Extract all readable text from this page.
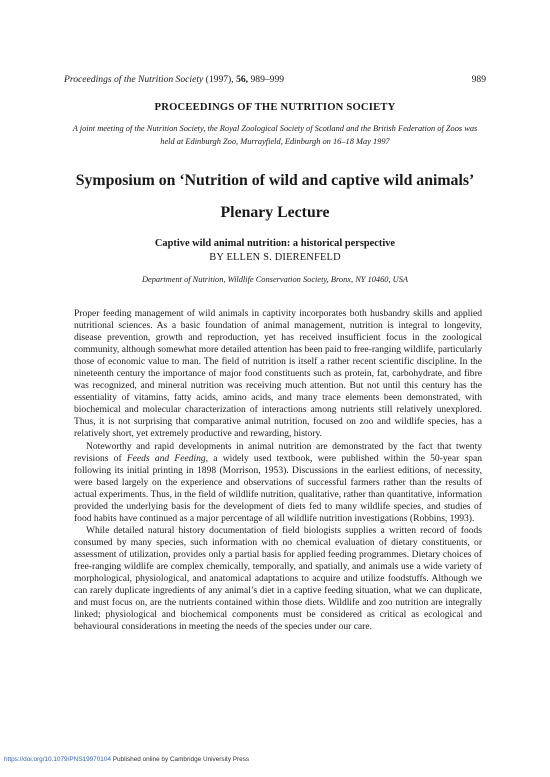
Proceedings of the Nutrition Society (1997), 56, 989–999	989
PROCEEDINGS OF THE NUTRITION SOCIETY
A joint meeting of the Nutrition Society, the Royal Zoological Society of Scotland and the British Federation of Zoos was held at Edinburgh Zoo, Murrayfield, Edinburgh on 16–18 May 1997
Symposium on ‘Nutrition of wild and captive wild animals’
Plenary Lecture
Captive wild animal nutrition: a historical perspective
BY ELLEN S. DIERENFELD
Department of Nutrition, Wildlife Conservation Society, Bronx, NY 10460, USA

Proper feeding management of wild animals in captivity incorporates both husbandry skills and applied nutritional sciences. As a basic foundation of animal management, nutrition is integral to longevity, disease prevention, growth and reproduction, yet has received insufficient focus in the zoological community, although somewhat more detailed attention has been paid to free-ranging wildlife, particularly those of economic value to man. The field of nutrition is itself a rather recent scientific discipline. In the nineteenth century the importance of major food constituents such as protein, fat, carbohydrate, and fibre was recognized, and mineral nutrition was receiving much attention. But not until this century has the essentiality of vitamins, fatty acids, amino acids, and many trace elements been demonstrated, with biochemical and molecular characterization of interactions among nutrients still relatively unexplored. Thus, it is not surprising that comparative animal nutrition, focused on zoo and wildlife species, has a relatively short, yet extremely productive and rewarding, history.

Noteworthy and rapid developments in animal nutrition are demonstrated by the fact that twenty revisions of Feeds and Feeding, a widely used textbook, were published within the 50-year span following its initial printing in 1898 (Morrison, 1953). Discussions in the earliest editions, of necessity, were based largely on the experience and observations of successful farmers rather than the results of actual experiments. Thus, in the field of wildlife nutrition, qualitative, rather than quantitative, information provided the underlying basis for the development of diets fed to many wildlife species, and studies of food habits have continued as a major percentage of all wildlife nutrition investigations (Robbins, 1993).

While detailed natural history documentation of field biologists supplies a written record of foods consumed by many species, such information with no chemical evaluation of dietary constituents, or assessment of utilization, provides only a partial basis for applied feeding programmes. Dietary choices of free-ranging wildlife are complex chemically, temporally, and spatially, and animals use a wide variety of morphological, physiological, and anatomical adaptations to acquire and utilize foodstuffs. Although we can rarely duplicate ingredients of any animal’s diet in a captive feeding situation, what we can duplicate, and must focus on, are the nutrients contained within those diets. Wildlife and zoo nutrition are integrally linked; physiological and biochemical components must be considered as critical as ecological and behavioural considerations in meeting the needs of the species under our care.

https://doi.org/10.1079/PNS19970104 Published online by Cambridge University Press
